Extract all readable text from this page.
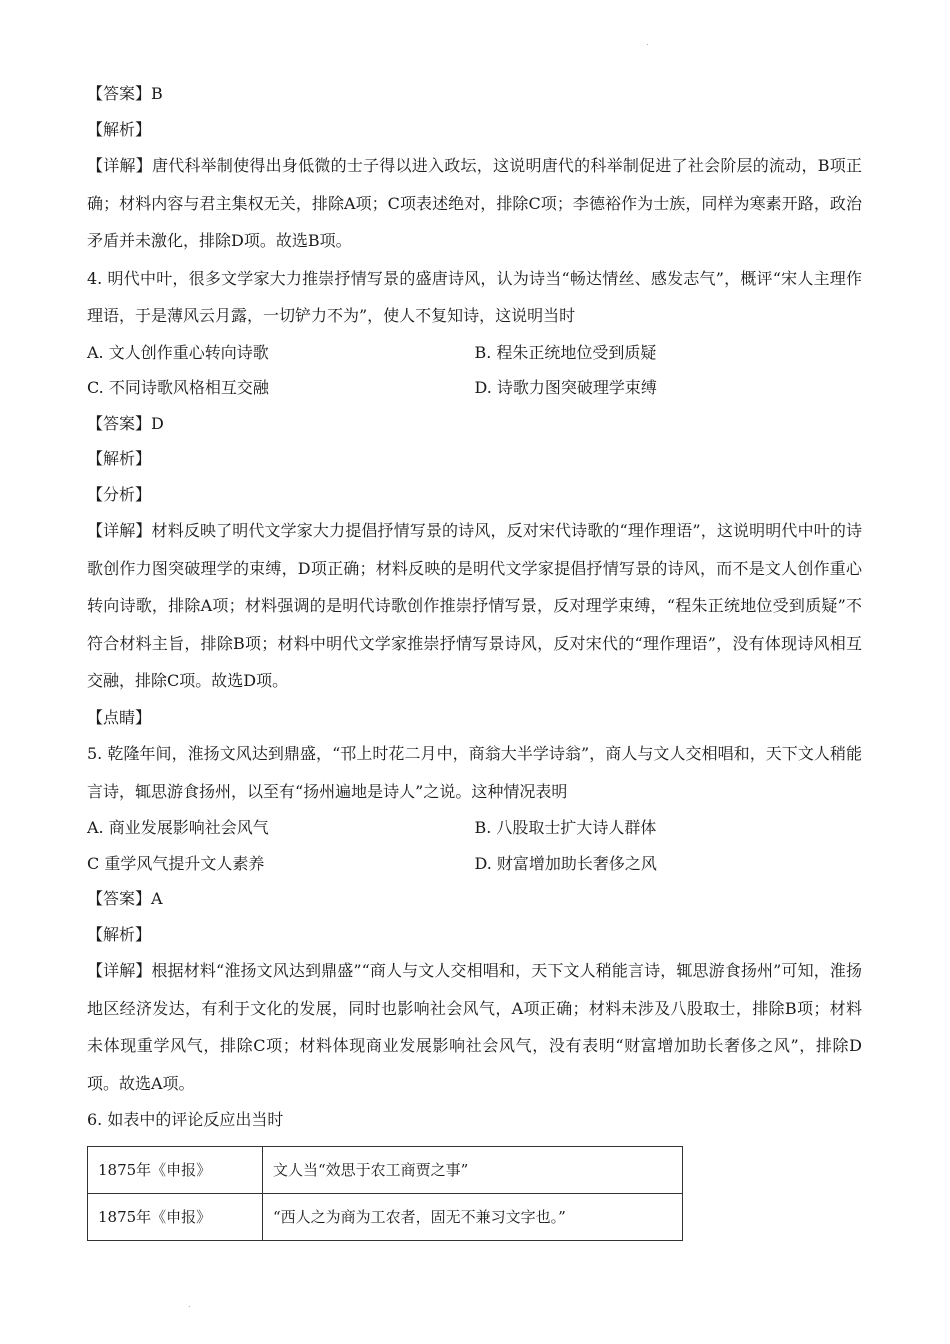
.

【答案】B

【解析】

【详解】唐代科举制使得出身低微的士子得以进入政坛，这说明唐代的科举制促进了社会阶层的流动，B项正确；材料内容与君主集权无关，排除A项；C项表述绝对，排除C项；李德裕作为士族，同样为寒素开路，政治矛盾并未激化，排除D项。故选B项。

4. 明代中叶，很多文学家大力推崇抒情写景的盛唐诗风，认为诗当“畅达情丝、感发志气”，概评“宋人主理作理语，于是薄风云月露，一切铲力不为”，使人不复知诗，这说明当时

A. 文人创作重心转向诗歌	B. 程朱正统地位受到质疑
C. 不同诗歌风格相互交融	D. 诗歌力图突破理学束缚

【答案】D

【解析】

【分析】

【详解】材料反映了明代文学家大力提倡抒情写景的诗风，反对宋代诗歌的“理作理语”，这说明明代中叶的诗歌创作力图突破理学的束缚，D项正确；材料反映的是明代文学家提倡抒情写景的诗风，而不是文人创作重心转向诗歌，排除A项；材料强调的是明代诗歌创作推崇抒情写景，反对理学束缚，“程朱正统地位受到质疑”不符合材料主旨，排除B项；材料中明代文学家推崇抒情写景诗风，反对宋代的“理作理语”，没有体现诗风相互交融，排除C项。故选D项。

【点睛】

5. 乾隆年间，淮扬文风达到鼎盛，“邗上时花二月中，商翁大半学诗翁”，商人与文人交相唱和，天下文人稍能言诗，辄思游食扬州，以至有“扬州遍地是诗人”之说。这种情况表明

A. 商业发展影响社会风气	B. 八股取士扩大诗人群体
C 重学风气提升文人素养	D. 财富增加助长奢侈之风

【答案】A

【解析】

【详解】根据材料“淮扬文风达到鼎盛”“商人与文人交相唱和，天下文人稍能言诗，辄思游食扬州”可知，淮扬地区经济发达，有利于文化的发展，同时也影响社会风气，A项正确；材料未涉及八股取士，排除B项；材料未体现重学风气，排除C项；材料体现商业发展影响社会风气，没有表明“财富增加助长奢侈之风”，排除D项。故选A项。

6. 如表中的评论反应出当时

1875年《申报》	文人当“效思于农工商贾之事”
1875年《申报》	“西人之为商为工农者，固无不兼习文字也。”
.
